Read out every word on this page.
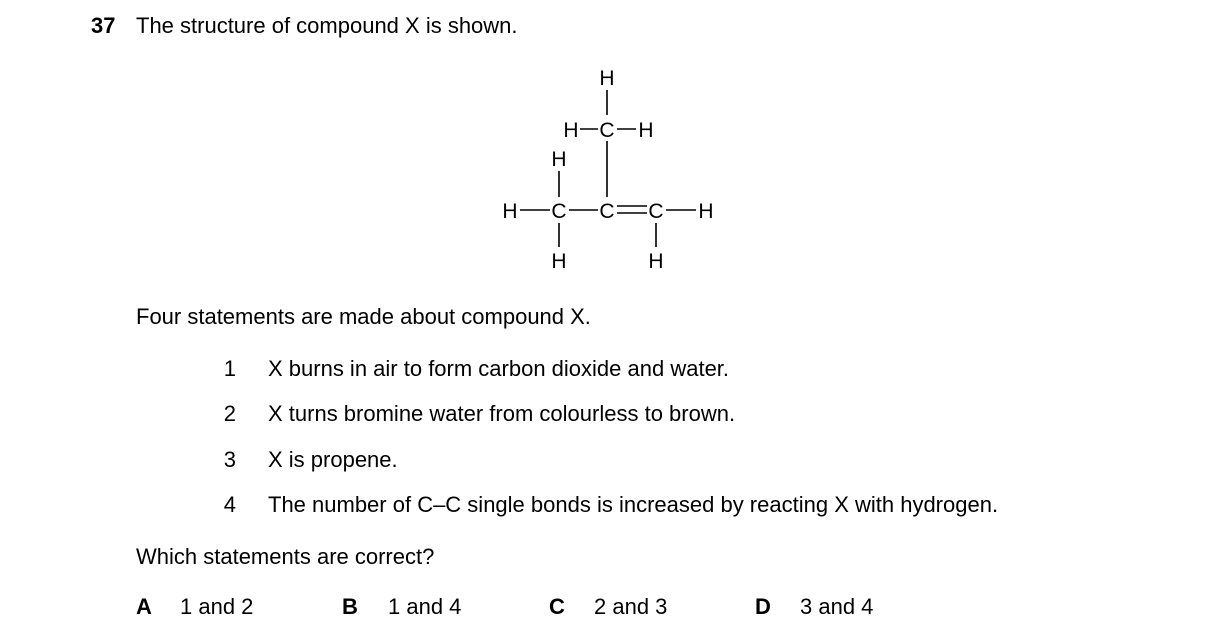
37 The structure of compound X is shown.
H
H C H
H
H C C C H
H	H
Four statements are made about compound X.
1 X burns in air to form carbon dioxide and water.
2 X turns bromine water from colourless to brown.
3 X is propene.
4 The number of C–C single bonds is increased by reacting X with hydrogen.
Which statements are correct?
A 1 and 2	B 1 and 4	C 2 and 3	D 3 and 4
